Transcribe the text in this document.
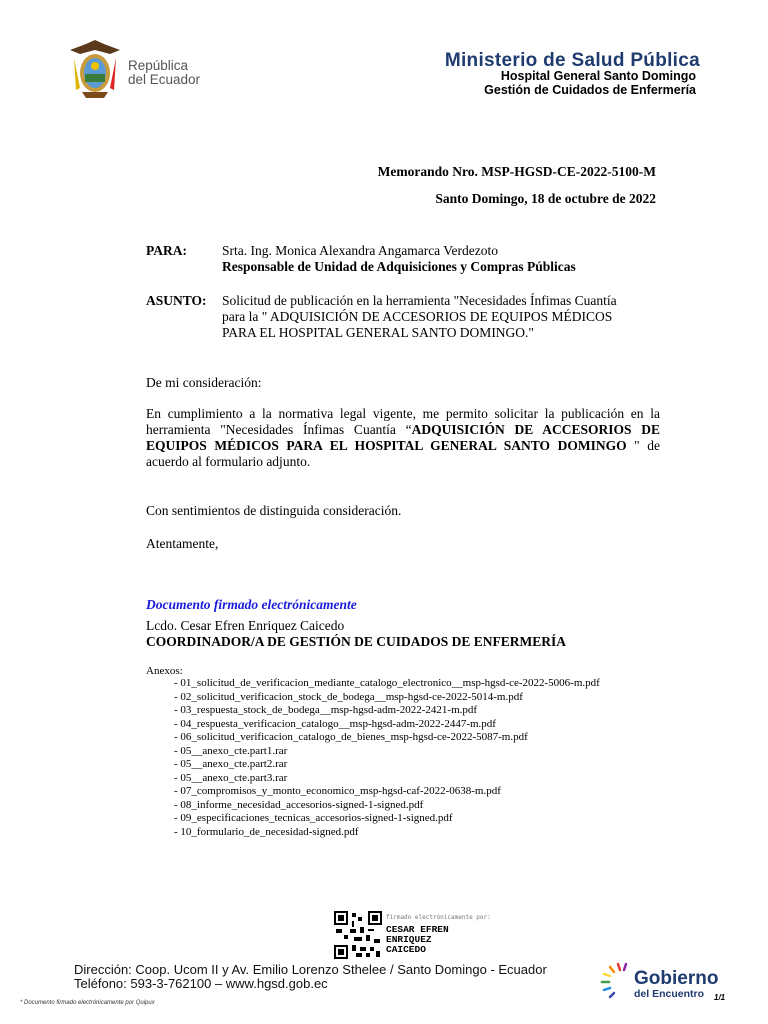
República
del Ecuador
Ministerio de Salud Pública
Hospital General Santo Domingo
Gestión de Cuidados de Enfermería
Memorando Nro. MSP-HGSD-CE-2022-5100-M
Santo Domingo, 18 de octubre de 2022
PARA:	Srta. Ing. Monica Alexandra Angamarca Verdezoto
Responsable de Unidad de Adquisiciones y Compras Públicas
ASUNTO: Solicitud de publicación en la herramienta "Necesidades Ínfimas Cuantía
para la " ADQUISICIÓN DE ACCESORIOS DE EQUIPOS MÉDICOS
PARA EL HOSPITAL GENERAL SANTO DOMINGO."
De mi consideración:
En cumplimiento a la normativa legal vigente, me permito solicitar la publicación en la herramienta "Necesidades Ínfimas Cuantía “ADQUISICIÓN DE ACCESORIOS DE EQUIPOS MÉDICOS PARA EL HOSPITAL GENERAL SANTO DOMINGO " de acuerdo al formulario adjunto.
Con sentimientos de distinguida consideración.
Atentamente,
Documento firmado electrónicamente
Lcdo. Cesar Efren Enriquez Caicedo
COORDINADOR/A DE GESTIÓN DE CUIDADOS DE ENFERMERÍA
Anexos:
- 01_solicitud_de_verificacion_mediante_catalogo_electronico__msp-hgsd-ce-2022-5006-m.pdf
- 02_solicitud_verificacion_stock_de_bodega__msp-hgsd-ce-2022-5014-m.pdf
- 03_respuesta_stock_de_bodega__msp-hgsd-adm-2022-2421-m.pdf
- 04_respuesta_verificacion_catalogo__msp-hgsd-adm-2022-2447-m.pdf
- 06_solicitud_verificacion_catalogo_de_bienes_msp-hgsd-ce-2022-5087-m.pdf
- 05__anexo_cte.part1.rar
- 05__anexo_cte.part2.rar
- 05__anexo_cte.part3.rar
- 07_compromisos_y_monto_economico_msp-hgsd-caf-2022-0638-m.pdf
- 08_informe_necesidad_accesorios-signed-1-signed.pdf
- 09_especificaciones_tecnicas_accesorios-signed-1-signed.pdf
- 10_formulario_de_necesidad-signed.pdf
firmado electrónicamente por:
CESAR EFREN
ENRIQUEZ
CAICEDO
Dirección: Coop. Ucom II y Av. Emilio Lorenzo Sthelee / Santo Domingo - Ecuador
Teléfono: 593-3-762100 – www.hgsd.gob.ec	Gobierno
del Encuentro 1/1
* Documento firmado electrónicamente por Quipux
